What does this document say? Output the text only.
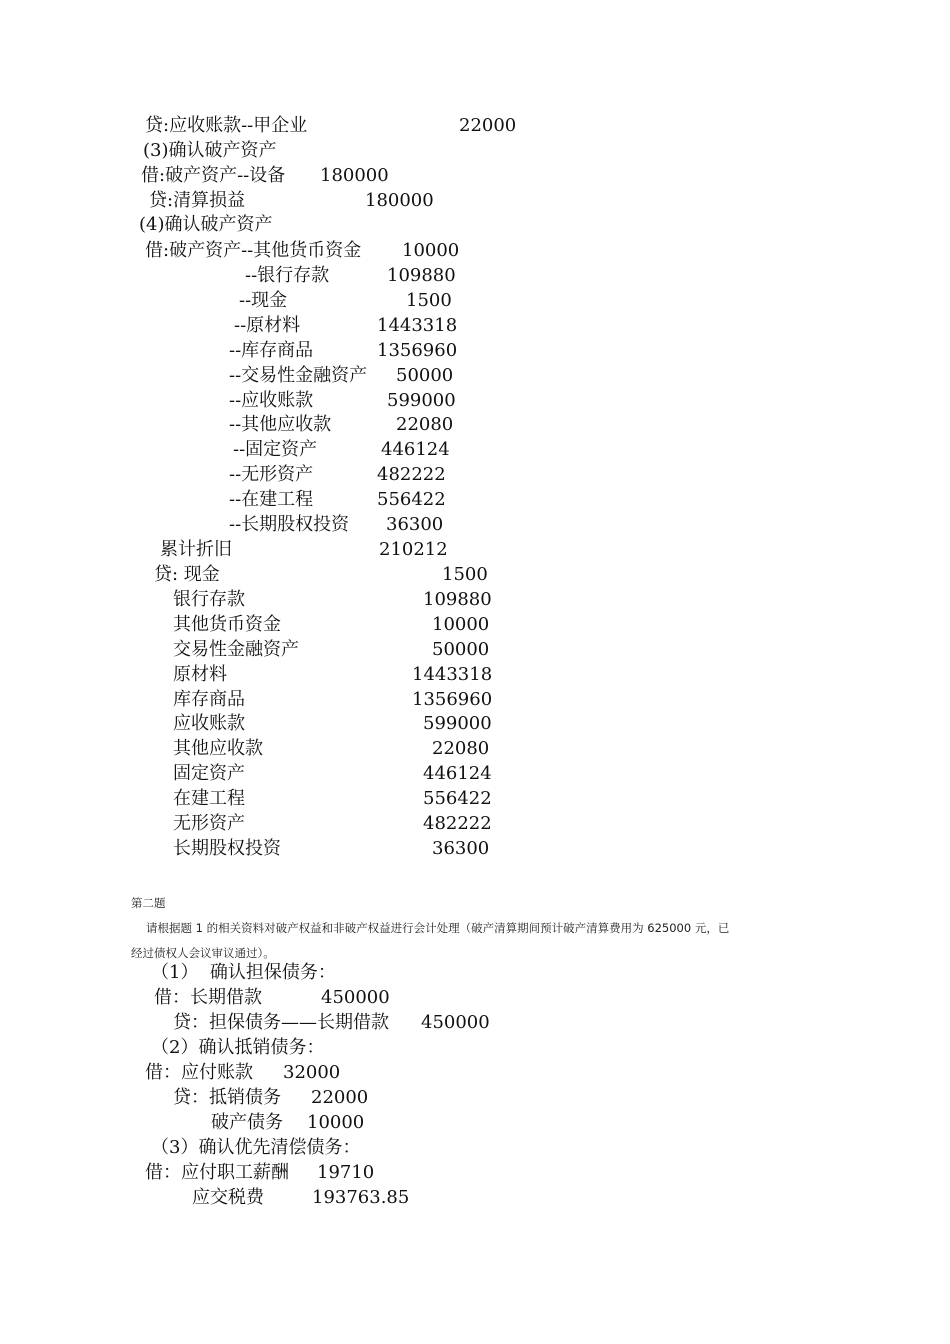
贷:应收账款--甲企业	22000
(3)确认破产资产
借:破产资产--设备 180000
贷:清算损益	180000
(4)确认破产资产
借:破产资产--其他货币资金 10000
--银行存款	109880
--现金	1500
--原材料	1443318
--库存商品	1356960
--交易性金融资产 50000
--应收账款	599000
--其他应收款	22080
--固定资产	446124
--无形资产	482222
--在建工程	556422
--长期股权投资 36300
累计折旧	210212
贷: 现金	1500
银行存款	109880
其他货币资金	10000
交易性金融资产	50000
原材料	1443318
库存商品	1356960
应收账款	599000
其他应收款	22080
固定资产	446124
在建工程	556422
无形资产	482222
长期股权投资	36300
第二题
请根据题 1 的相关资料对破产权益和非破产权益进行会计处理（破产清算期间预计破产清算费用为 625000 元，已
经过债权人会议审议通过）。
（1）  确认担保债务：
借：长期借款	450000
贷：担保债务——长期借款 450000
（2）确认抵销债务：
借：应付账款 32000
贷：抵销债务 22000
破产债务 10000
（3）确认优先清偿债务：
借：应付职工薪酬 19710
应交税费	193763.85
